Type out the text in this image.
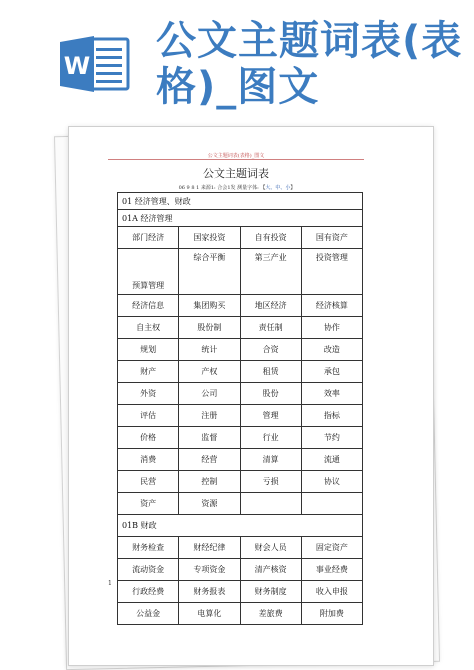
W
公文主题词表(表格)_图文
公文主题词表(表格)_图文
公文主题词表
06 9 8 1 来源1: 合会1发 测量字体: 【大、中、小】
01 经济管理、财政			
01A 经济管理			
部门经济	国家投资	自有投资	国有资产
预算管理	综合平衡	第三产业	投资管理
经济信息	集团购买	地区经济	经济核算
自主权	股份制	责任制	协作
规划	统计	合资	改造
财产	产权	租赁	承包
外资	公司	股份	效率
评估	注册	管理	指标
价格	监督	行业	节约
消费	经营	清算	流通
民营	控制	亏损	协议
资产	资源		
01B 财政			
财务检查	财经纪律	财会人员	固定资产
流动资金	专项资金	清产核资	事业经费
行政经费	财务报表	财务制度	收入申报
公益金	电算化	差旅费	附加费
1
